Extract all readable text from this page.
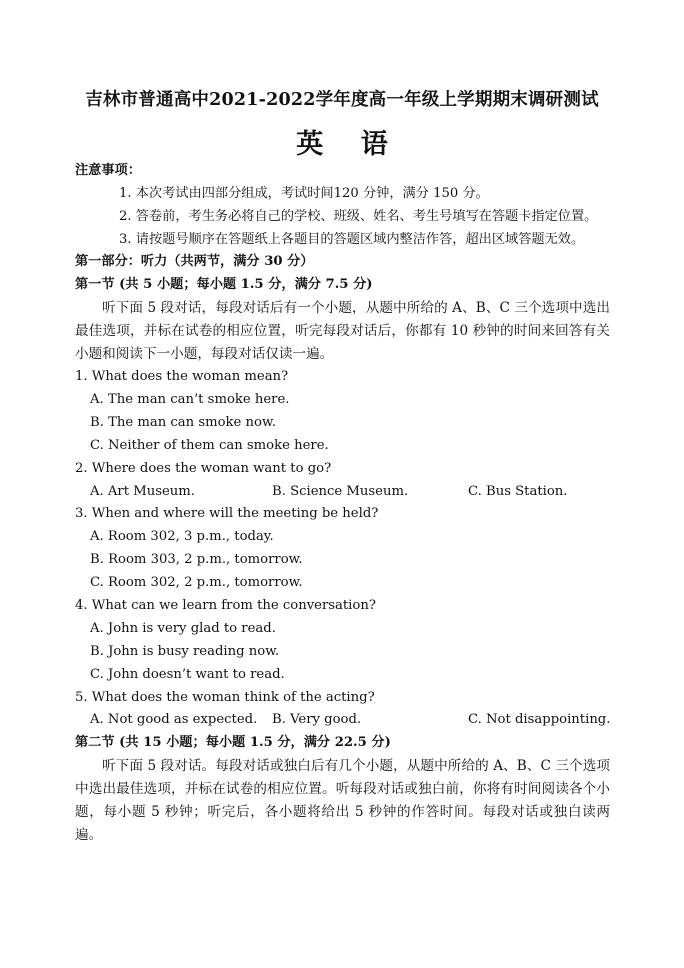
吉林市普通高中2021-2022学年度高一年级上学期期末调研测试
英 语
注意事项：
1. 本次考试由四部分组成，考试时间120 分钟，满分 150 分。
2. 答卷前，考生务必将自己的学校、班级、姓名、考生号填写在答题卡指定位置。
3. 请按题号顺序在答题纸上各题目的答题区域内整洁作答，超出区域答题无效。
第一部分：听力（共两节，满分 30 分）
第一节 (共 5 小题；每小题 1.5 分，满分 7.5 分)
听下面 5 段对话，每段对话后有一个小题，从题中所给的 A、B、C 三个选项中选出最佳选项，并标在试卷的相应位置，听完每段对话后，你都有 10 秒钟的时间来回答有关小题和阅读下一小题，每段对话仅读一遍。
1. What does the woman mean?
A. The man can’t smoke here.
B. The man can smoke now.
C. Neither of them can smoke here.
2. Where does the woman want to go?
A. Art Museum.	B. Science Museum.	C. Bus Station.
3. When and where will the meeting be held?
A. Room 302, 3 p.m., today.
B. Room 303, 2 p.m., tomorrow.
C. Room 302, 2 p.m., tomorrow.
4. What can we learn from the conversation?
A. John is very glad to read.
B. John is busy reading now.
C. John doesn’t want to read.
5. What does the woman think of the acting?
A. Not good as expected. B. Very good.	C. Not disappointing.
第二节 (共 15 小题；每小题 1.5 分，满分 22.5 分)
听下面 5 段对话。每段对话或独白后有几个小题，从题中所给的 A、B、C 三个选项中选出最佳选项，并标在试卷的相应位置。听每段对话或独白前，你将有时间阅读各个小题，每小题 5 秒钟；听完后，各小题将给出 5 秒钟的作答时间。每段对话或独白读两遍。
